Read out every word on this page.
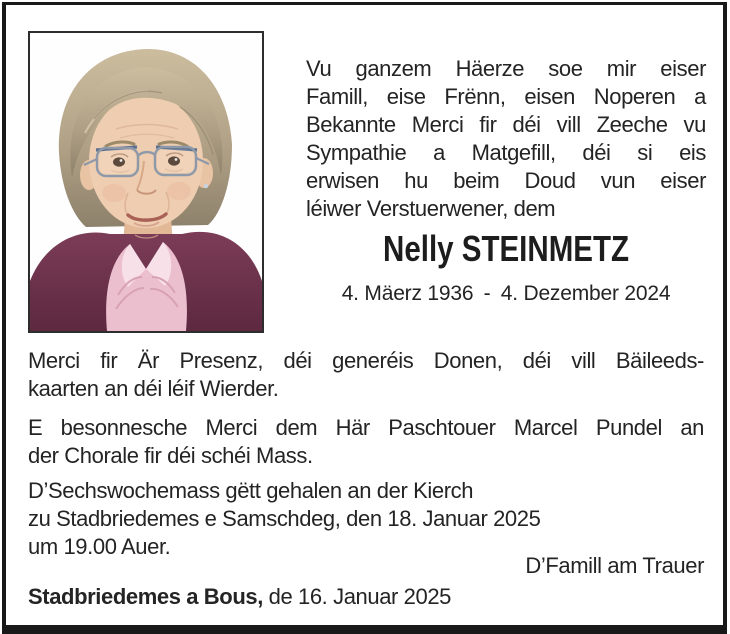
Vu ganzem Häerze soe mir eiser
Famill, eise Frënn, eisen Noperen a
Bekannte Merci fir déi vill Zeeche vu
Sympathie a Matgefill, déi si eis
erwisen hu beim Doud vun eiser
léiwer Verstuerwener, dem
Nelly STEINMETZ
4. Mäerz 1936 - 4. Dezember 2024
Merci fir Är Presenz, déi generéis Donen, déi vill Bäileeds-
kaarten an déi léif Wierder.
E besonnesche Merci dem Här Paschtouer Marcel Pundel an
der Chorale fir déi schéi Mass.
D’Sechswochemass gëtt gehalen an der Kierch
zu Stadbriedemes e Samschdeg, den 18. Januar 2025
um 19.00 Auer.
D’Famill am Trauer
Stadbriedemes a Bous, de 16. Januar 2025
